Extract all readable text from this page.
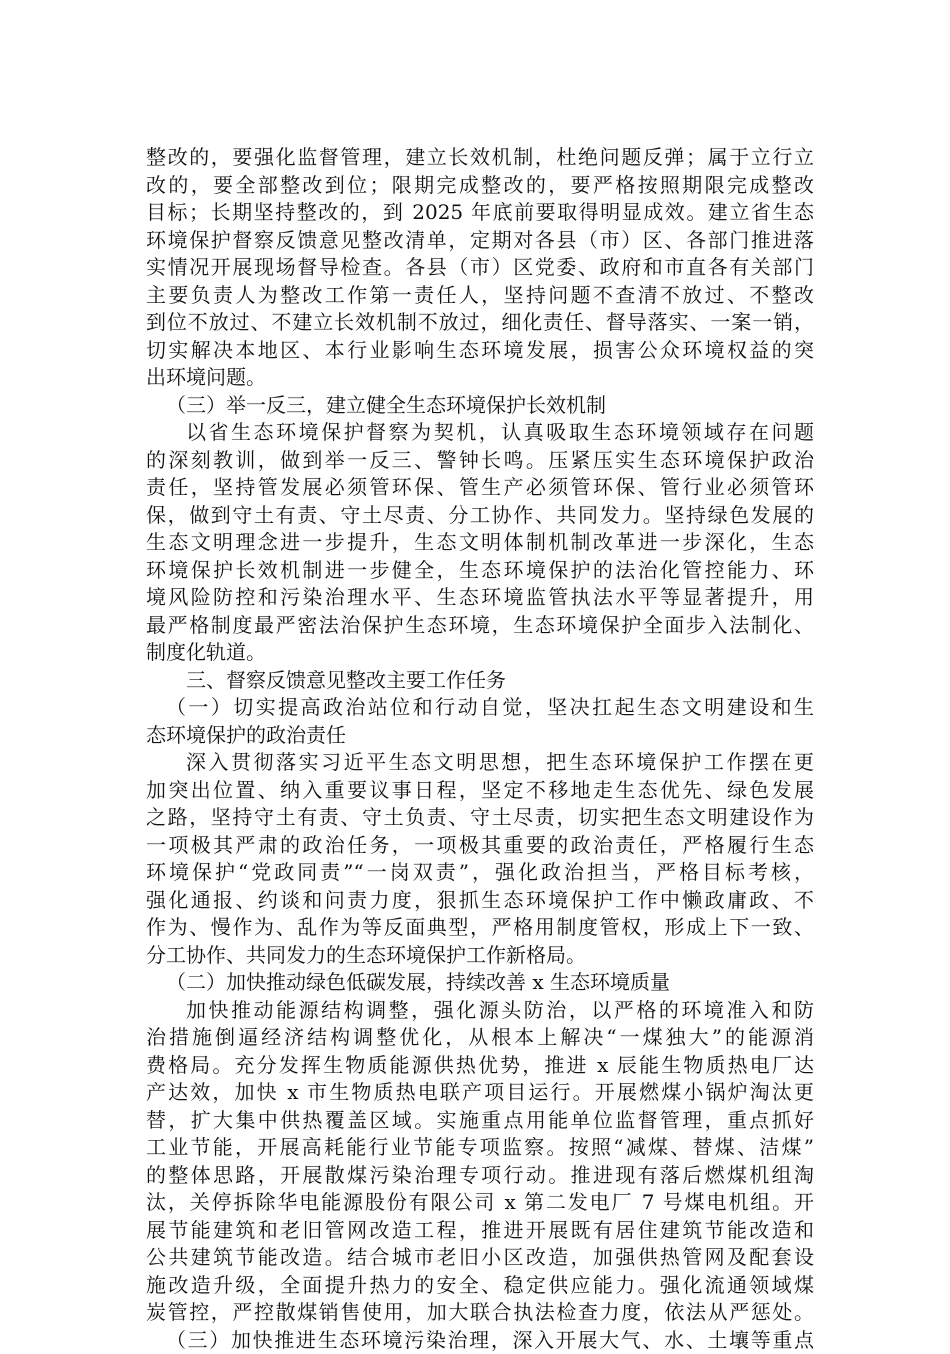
整改的，要强化监督管理，建立长效机制，杜绝问题反弹；属于立行立
改的，要全部整改到位；限期完成整改的，要严格按照期限完成整改
目标；长期坚持整改的，到 2025 年底前要取得明显成效。建立省生态
环境保护督察反馈意见整改清单，定期对各县（市）区、各部门推进落
实情况开展现场督导检查。各县（市）区党委、政府和市直各有关部门
主要负责人为整改工作第一责任人，坚持问题不查清不放过、不整改
到位不放过、不建立长效机制不放过，细化责任、督导落实、一案一销，
切实解决本地区、本行业影响生态环境发展，损害公众环境权益的突
出环境问题。
（三）举一反三，建立健全生态环境保护长效机制
以省生态环境保护督察为契机，认真吸取生态环境领域存在问题
的深刻教训，做到举一反三、警钟长鸣。压紧压实生态环境保护政治
责任，坚持管发展必须管环保、管生产必须管环保、管行业必须管环
保，做到守土有责、守土尽责、分工协作、共同发力。坚持绿色发展的
生态文明理念进一步提升，生态文明体制机制改革进一步深化，生态
环境保护长效机制进一步健全，生态环境保护的法治化管控能力、环
境风险防控和污染治理水平、生态环境监管执法水平等显著提升，用
最严格制度最严密法治保护生态环境，生态环境保护全面步入法制化、
制度化轨道。
三、督察反馈意见整改主要工作任务
（一）切实提高政治站位和行动自觉，坚决扛起生态文明建设和生
态环境保护的政治责任
深入贯彻落实习近平生态文明思想，把生态环境保护工作摆在更
加突出位置、纳入重要议事日程，坚定不移地走生态优先、绿色发展
之路，坚持守土有责、守土负责、守土尽责，切实把生态文明建设作为
一项极其严肃的政治任务，一项极其重要的政治责任，严格履行生态
环境保护“党政同责”“一岗双责”，强化政治担当，严格目标考核，
强化通报、约谈和问责力度，狠抓生态环境保护工作中懒政庸政、不
作为、慢作为、乱作为等反面典型，严格用制度管权，形成上下一致、
分工协作、共同发力的生态环境保护工作新格局。
（二）加快推动绿色低碳发展，持续改善 x 生态环境质量
加快推动能源结构调整，强化源头防治，以严格的环境准入和防
治措施倒逼经济结构调整优化，从根本上解决“一煤独大”的能源消
费格局。充分发挥生物质能源供热优势，推进 x 辰能生物质热电厂达
产达效，加快 x 市生物质热电联产项目运行。开展燃煤小锅炉淘汰更
替，扩大集中供热覆盖区域。实施重点用能单位监督管理，重点抓好
工业节能，开展高耗能行业节能专项监察。按照“减煤、替煤、洁煤”
的整体思路，开展散煤污染治理专项行动。推进现有落后燃煤机组淘
汰，关停拆除华电能源股份有限公司 x 第二发电厂 7 号煤电机组。开
展节能建筑和老旧管网改造工程，推进开展既有居住建筑节能改造和
公共建筑节能改造。结合城市老旧小区改造，加强供热管网及配套设
施改造升级，全面提升热力的安全、稳定供应能力。强化流通领域煤
炭管控，严控散煤销售使用，加大联合执法检查力度，依法从严惩处。
（三）加快推进生态环境污染治理，深入开展大气、水、土壤等重点
